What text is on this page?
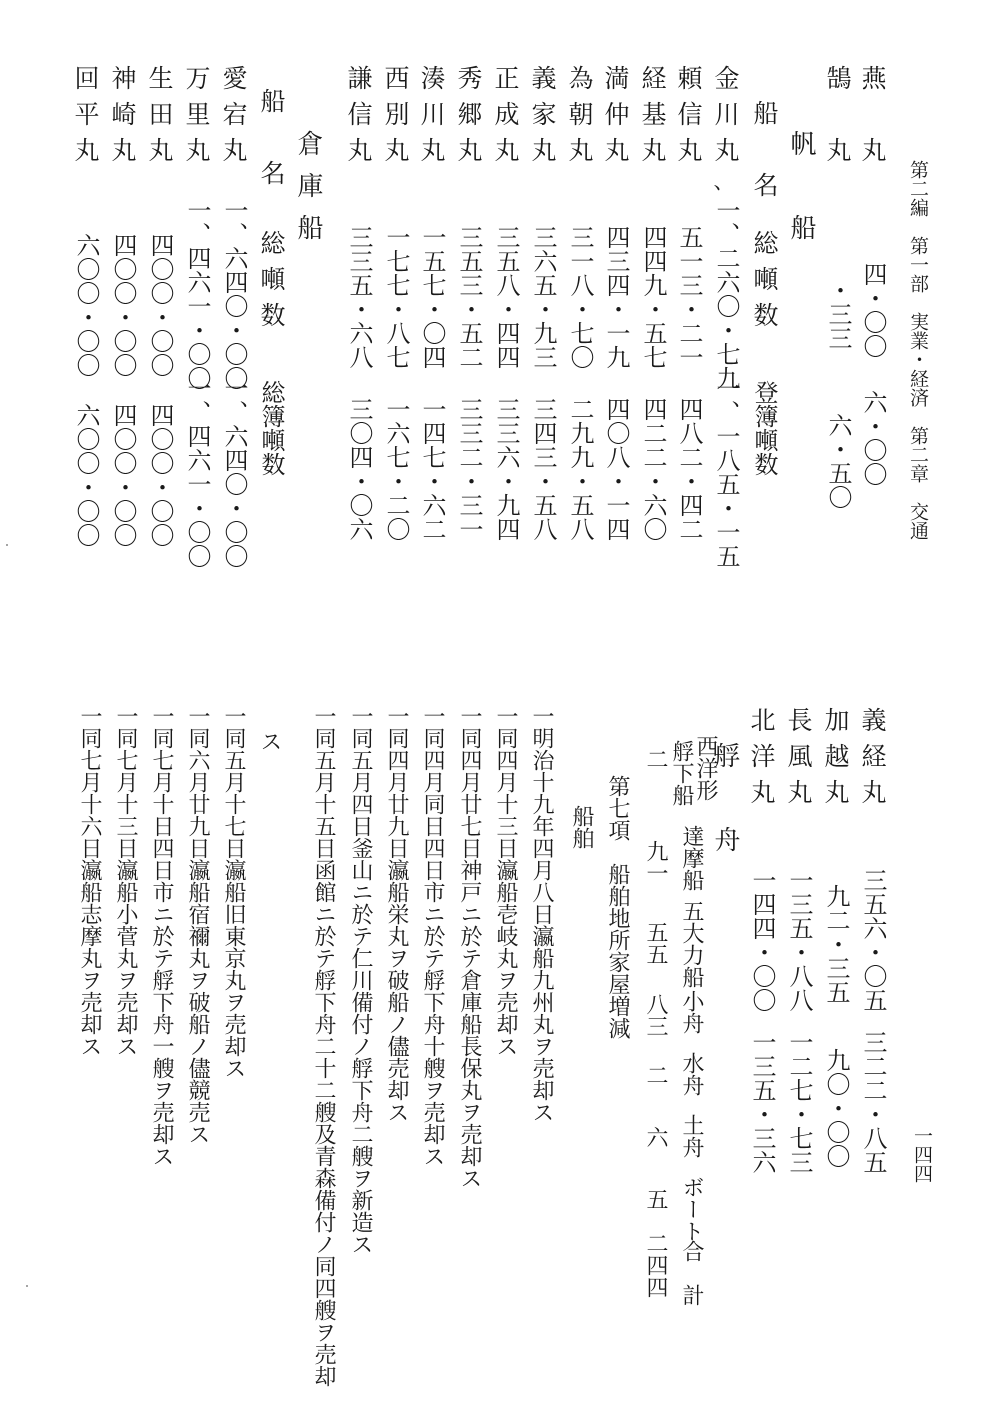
第二編　第一部　実業・経済　第二章　交通
一四四
燕　丸
四・〇〇
六・〇〇
鵠　丸
・三三
六・五〇
帆　船
船　名
総噸数
登簿噸数
金川丸
一、二六〇・七九
一、一八五・一五
、
頼信丸
五一三・二一
四八二・四二
経基丸
四四九・五七
四二二・六〇
満仲丸
四三四・一九
四〇八・一四
為朝丸
三一八・七〇
二九九・五八
義家丸
三六五・九三
三四三・五八
正成丸
三五八・四四
三三六・九四
秀郷丸
三五三・五二
三三二・三一
湊川丸
一五七・〇四
一四七・六二
西別丸
一七七・八七
一六七・二〇
謙信丸
三三五・六八
三〇四・〇六
倉庫船
船　名
総噸数
総簿噸数
愛宕丸
一、六四〇・〇〇
一、六四〇・〇〇
万里丸
一、四六一・〇〇
一、四六一・〇〇
生田丸
四〇〇・〇〇
四〇〇・〇〇
神崎丸
四〇〇・〇〇
四〇〇・〇〇
回平丸
六〇〇・〇〇
六〇〇・〇〇
義経丸
三五六・〇五
三二二・八五
加越丸
九二・三五
九〇・〇〇
長風丸
一三五・八八
一二七・七三
北洋丸
一四四・〇〇
一三五・三六
艀　舟
西洋形
艀下船
達摩船
五大力船
小舟
水舟
土舟
ボート
合　計
二
九一
五五
八三
二
六
五　二四四
第七項　船舶地所家屋増減
船舶
一明治十九年四月八日瀛船九州丸ヲ売却ス
一同四月十三日瀛船壱岐丸ヲ売却ス
一同四月廿七日神戸ニ於テ倉庫船長保丸ヲ売却ス
一同四月同日四日市ニ於テ艀下舟十艘ヲ売却ス
一同四月廿九日瀛船栄丸ヲ破船ノ儘売却ス
一同五月四日釜山ニ於テ仁川備付ノ艀下舟二艘ヲ新造ス
一同五月十五日函館ニ於テ艀下舟二十二艘及青森備付ノ同四艘ヲ売却
ス
一同五月十七日瀛船旧東京丸ヲ売却ス
一同六月廿九日瀛船宿禰丸ヲ破船ノ儘競売ス
一同七月十日四日市ニ於テ艀下舟一艘ヲ売却ス
一同七月十三日瀛船小菅丸ヲ売却ス
一同七月十六日瀛船志摩丸ヲ売却ス
